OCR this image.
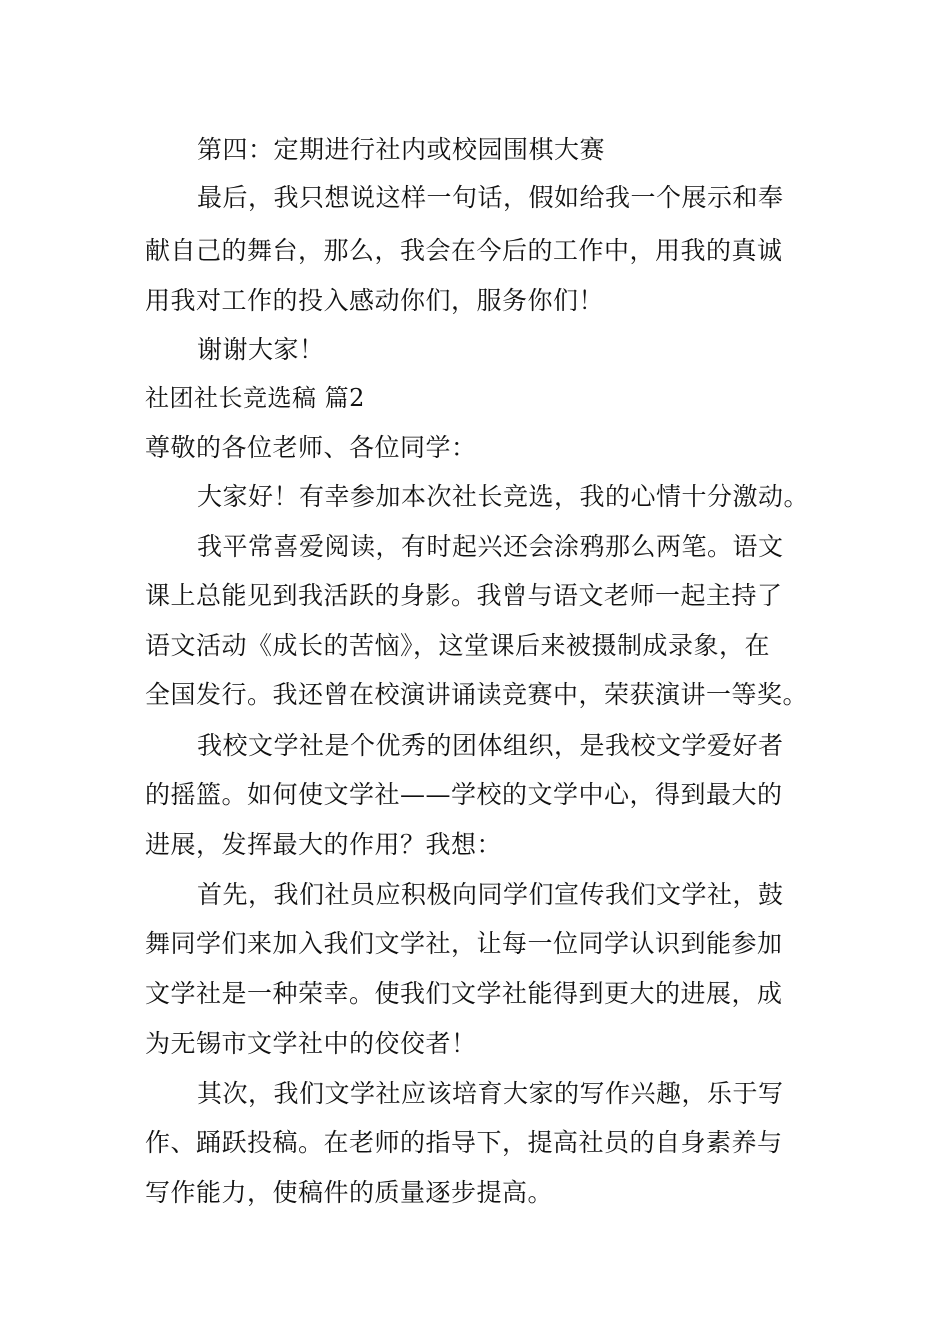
第四：定期进行社内或校园围棋大赛
最后，我只想说这样一句话，假如给我一个展示和奉
献自己的舞台，那么，我会在今后的工作中，用我的真诚
用我对工作的投入感动你们，服务你们！
谢谢大家！
社团社长竞选稿 篇2
尊敬的各位老师、各位同学：
大家好！有幸参加本次社长竞选，我的心情十分激动。
我平常喜爱阅读，有时起兴还会涂鸦那么两笔。语文
课上总能见到我活跃的身影。我曾与语文老师一起主持了
语文活动《成长的苦恼》，这堂课后来被摄制成录象，在
全国发行。我还曾在校演讲诵读竞赛中，荣获演讲一等奖。
我校文学社是个优秀的团体组织，是我校文学爱好者
的摇篮。如何使文学社——学校的文学中心，得到最大的
进展，发挥最大的作用？我想：
首先，我们社员应积极向同学们宣传我们文学社，鼓
舞同学们来加入我们文学社，让每一位同学认识到能参加
文学社是一种荣幸。使我们文学社能得到更大的进展，成
为无锡市文学社中的佼佼者！
其次，我们文学社应该培育大家的写作兴趣，乐于写
作、踊跃投稿。在老师的指导下，提高社员的自身素养与
写作能力，使稿件的质量逐步提高。
